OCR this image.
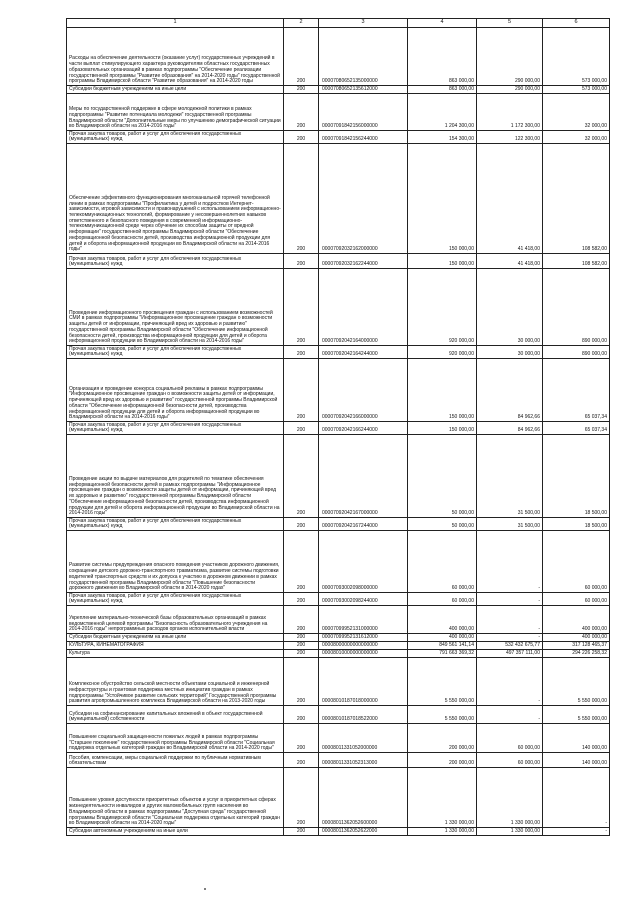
1	2	3	4	5	6
Расходы на обеспечение деятельности (оказание услуг) государственных учреждений в части выплат стимулирующего характера руководителям областных государственных образовательных организаций в рамках подпрограммы "Обеспечение реализации государственной программы "Развитие образования" на 2014-2020 годы" государственной программы Владимирской области "Развитие образования" на 2014-2020 годы	200	00007080652135000000	863 000,00	290 000,00	573 000,00
Субсидии бюджетным учреждениям на иные цели	200	00007080652135612000	863 000,00	290 000,00	573 000,00
Меры по государственной поддержке в сфере молодежной политики в рамках подпрограммы "Развитие потенциала молодежи" государственной программы Владимирской области "Дополнительные меры по улучшению демографической ситуации во Владимирской области на 2014-2016 годы"	200	00007091842156000000	1 204 300,00	1 172 300,00	32 000,00
Прочая закупка товаров, работ и услуг для обеспечения государственных (муниципальных) нужд	200	00007091842156244000	154 300,00	122 300,00	32 000,00
Обеспечение эффективного функционирования многоканальной горячей телефонной линии в рамках подпрограммы "Профилактика у детей и подростков Интернет-зависимости, игровой зависимости и правонарушений с использованием информационно-телекоммуникационных технологий, формирование у несовершеннолетних навыков ответственного и безопасного поведения в современной информационно-телекоммуникационной среде через обучение их способам защиты от вредной информации" государственной программы Владимирской области "Обеспечение информационной безопасности детей, производства информационной продукции для детей и оборота информационной продукции во Владимирской области на 2014-2016 годы"	200	00007092032162000000	150 000,00	41 418,00	108 582,00
Прочая закупка товаров, работ и услуг для обеспечения государственных (муниципальных) нужд	200	00007092032162244000	150 000,00	41 418,00	108 582,00
Проведение информационного просвещения граждан с использованием возможностей СМИ в рамках подпрограммы "Информационное просвещение граждан о возможности защиты детей от информации, причиняющей вред их здоровью и развитию" государственной программы Владимирской области "Обеспечение информационной безопасности детей, производства информационной продукции для детей и оборота информационной продукции во Владимирской области на 2014-2016 годы"	200	00007092042164000000	920 000,00	30 000,00	890 000,00
Прочая закупка товаров, работ и услуг для обеспечения государственных (муниципальных) нужд	200	00007092042164244000	920 000,00	30 000,00	890 000,00
Организация и проведение конкурса социальной рекламы в рамках подпрограммы "Информационное просвещение граждан о возможности защиты детей от информации, причиняющей вред их здоровью и развитию" государственной программы Владимирской области "Обеспечение информационной безопасности детей, производства информационной продукции для детей и оборота информационной продукции во Владимирской области на 2014-2016 годы"	200	00007092042166000000	150 000,00	84 962,66	65 037,34
Прочая закупка товаров, работ и услуг для обеспечения государственных (муниципальных) нужд	200	00007092042166244000	150 000,00	84 962,66	65 037,34
Проведение акции по выдаче материалов для родителей по тематике обеспечения информационной безопасности детей в рамках подпрограммы "Информационное просвещение граждан о возможности защиты детей от информации, причиняющей вред их здоровью и развитию" государственной программы Владимирской области "Обеспечение информационной безопасности детей, производства информационной продукции для детей и оборота информационной продукции во Владимирской области на 2014-2016 годы"	200	00007092042167000000	50 000,00	31 500,00	18 500,00
Прочая закупка товаров, работ и услуг для обеспечения государственных (муниципальных) нужд	200	00007092042167244000	50 000,00	31 500,00	18 500,00
Развитие системы предупреждения опасного поведения участников дорожного движения, сокращение детского дорожно-транспортного травматизма, развитие системы подготовки водителей транспортных средств и их допуска к участию в дорожном движении в рамках государственной программы Владимирской области "Повышение безопасности дорожного движения во Владимирской области в 2014-2020 годах"	200	00007093002098000000	60 000,00	-	60 000,00
Прочая закупка товаров, работ и услуг для обеспечения государственных (муниципальных) нужд	200	00007093002098244000	60 000,00	-	60 000,00
Укрепление материально-технической базы образовательных организаций в рамках ведомственной целевой программы "Безопасность образовательного учреждения на 2014-2016 годы" непрограммных расходов органов исполнительной власти	200	00007099952131000000	400 000,00	-	400 000,00
Субсидии бюджетным учреждениям на иные цели	200	00007099952131612000	400 000,00	-	400 000,00
КУЛЬТУРА, КИНЕМАТОГРАФИЯ	200	00008000000000000000	849 561 141,14	532 432 675,77	317 128 465,37
Культура	200	00008010000000000000	791 663 369,32	497 357 111,00	294 226 258,32
Комплексное обустройство сельской местности объектами социальной и инженерной инфраструктуры и грантовая поддержка местных инициатив граждан в рамках подпрограммы "Устойчивое развитие сельских территорий" Государственной программы развития агропромышленного комплекса Владимирской области на 2013-2020 годы	200	00008010187018000000	5 550 000,00	-	5 550 000,00
Субсидии на софинансирование капитальных вложений в объект государственной (муниципальной) собственности	200	00008010187018522000	5 550 000,00	-	5 550 000,00
Повышение социальной защищенности пожилых людей в рамках подпрограммы "Старшее поколение" государственной программы Владимирской области "Социальная поддержка отдельных категорий граждан во Владимирской области на 2014-2020 годы"	200	00008011331052000000	200 000,00	60 000,00	140 000,00
Пособия, компенсации, меры социальной поддержки по публичным нормативным обязательствам	200	00008011331052313000	200 000,00	60 000,00	140 000,00
Повышение уровня доступности приоритетных объектов и услуг в приоритетных сферах жизнедеятельности инвалидов и других маломобильных групп населения во Владимирской области в рамках подпрограммы "Доступная среда" государственной программы Владимирской области "Социальная поддержка отдельных категорий граждан во Владимирской области на 2014-2020 годы"	200	00008011362052600000	1 330 000,00	1 330 000,00	-
Субсидии автономным учреждениям на иные цели	200	00008011362052622000	1 330 000,00	1 330 000,00	-
